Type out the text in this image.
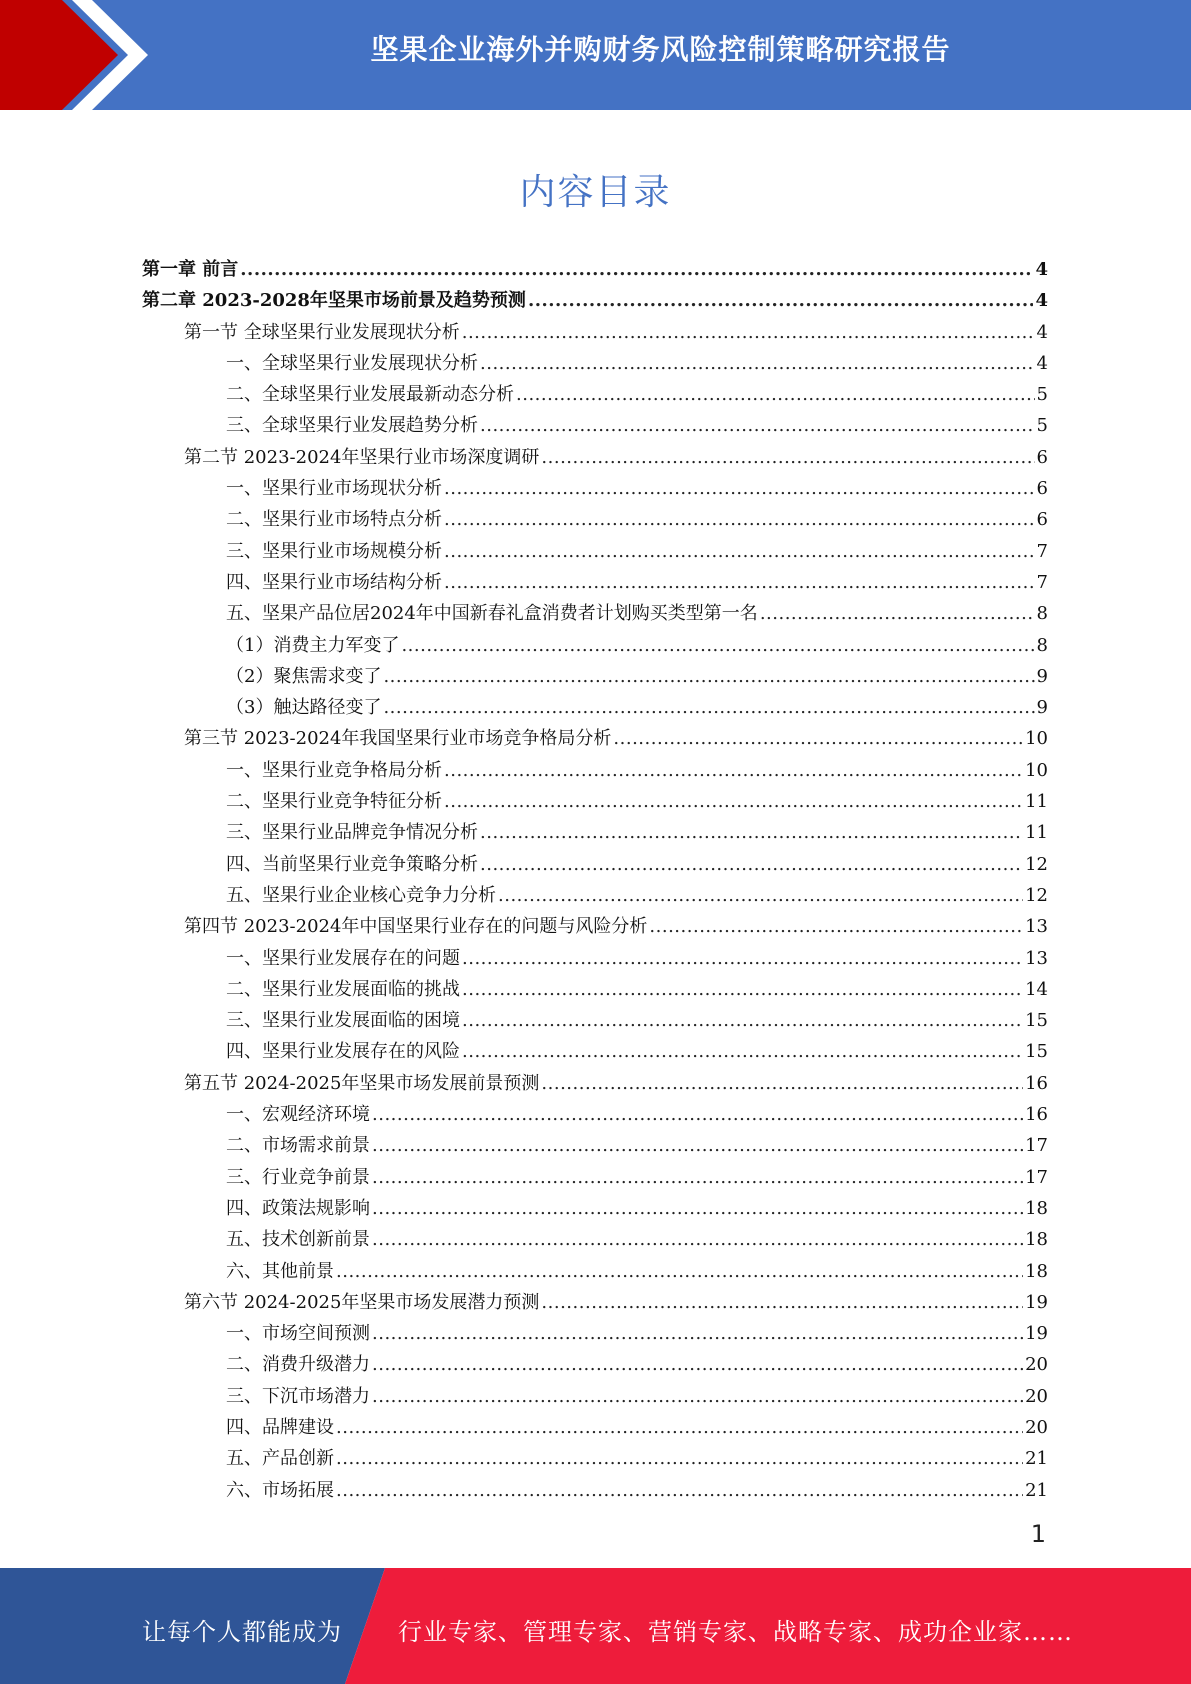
坚果企业海外并购财务风险控制策略研究报告
内容目录
第一章 前言 .....	4
第二章 2023-2028年坚果市场前景及趋势预测 .....	4
第一节 全球坚果行业发展现状分析 .....	4
一、全球坚果行业发展现状分析 .....	4
二、全球坚果行业发展最新动态分析 .....	5
三、全球坚果行业发展趋势分析 .....	5
第二节 2023-2024年坚果行业市场深度调研 .....	6
一、坚果行业市场现状分析 .....	6
二、坚果行业市场特点分析 .....	6
三、坚果行业市场规模分析 .....	7
四、坚果行业市场结构分析 .....	7
五、坚果产品位居2024年中国新春礼盒消费者计划购买类型第一名 .....	8
（1）消费主力军变了 .....	8
（2）聚焦需求变了 .....	9
（3）触达路径变了 .....	9
第三节 2023-2024年我国坚果行业市场竞争格局分析 .....	10
一、坚果行业竞争格局分析 .....	10
二、坚果行业竞争特征分析 .....	11
三、坚果行业品牌竞争情况分析 .....	11
四、当前坚果行业竞争策略分析 .....	12
五、坚果行业企业核心竞争力分析 .....	12
第四节 2023-2024年中国坚果行业存在的问题与风险分析 .....	13
一、坚果行业发展存在的问题 .....	13
二、坚果行业发展面临的挑战 .....	14
三、坚果行业发展面临的困境 .....	15
四、坚果行业发展存在的风险 .....	15
第五节 2024-2025年坚果市场发展前景预测 .....	16
一、宏观经济环境 .....	16
二、市场需求前景 .....	17
三、行业竞争前景 .....	17
四、政策法规影响 .....	18
五、技术创新前景 .....	18
六、其他前景 .....	18
第六节 2024-2025年坚果市场发展潜力预测 .....	19
一、市场空间预测 .....	19
二、消费升级潜力 .....	20
三、下沉市场潜力 .....	20
四、品牌建设 .....	20
五、产品创新 .....	21
六、市场拓展 .....	21
1
让每个人都能成为 行业专家、管理专家、营销专家、战略专家、成功企业家……
